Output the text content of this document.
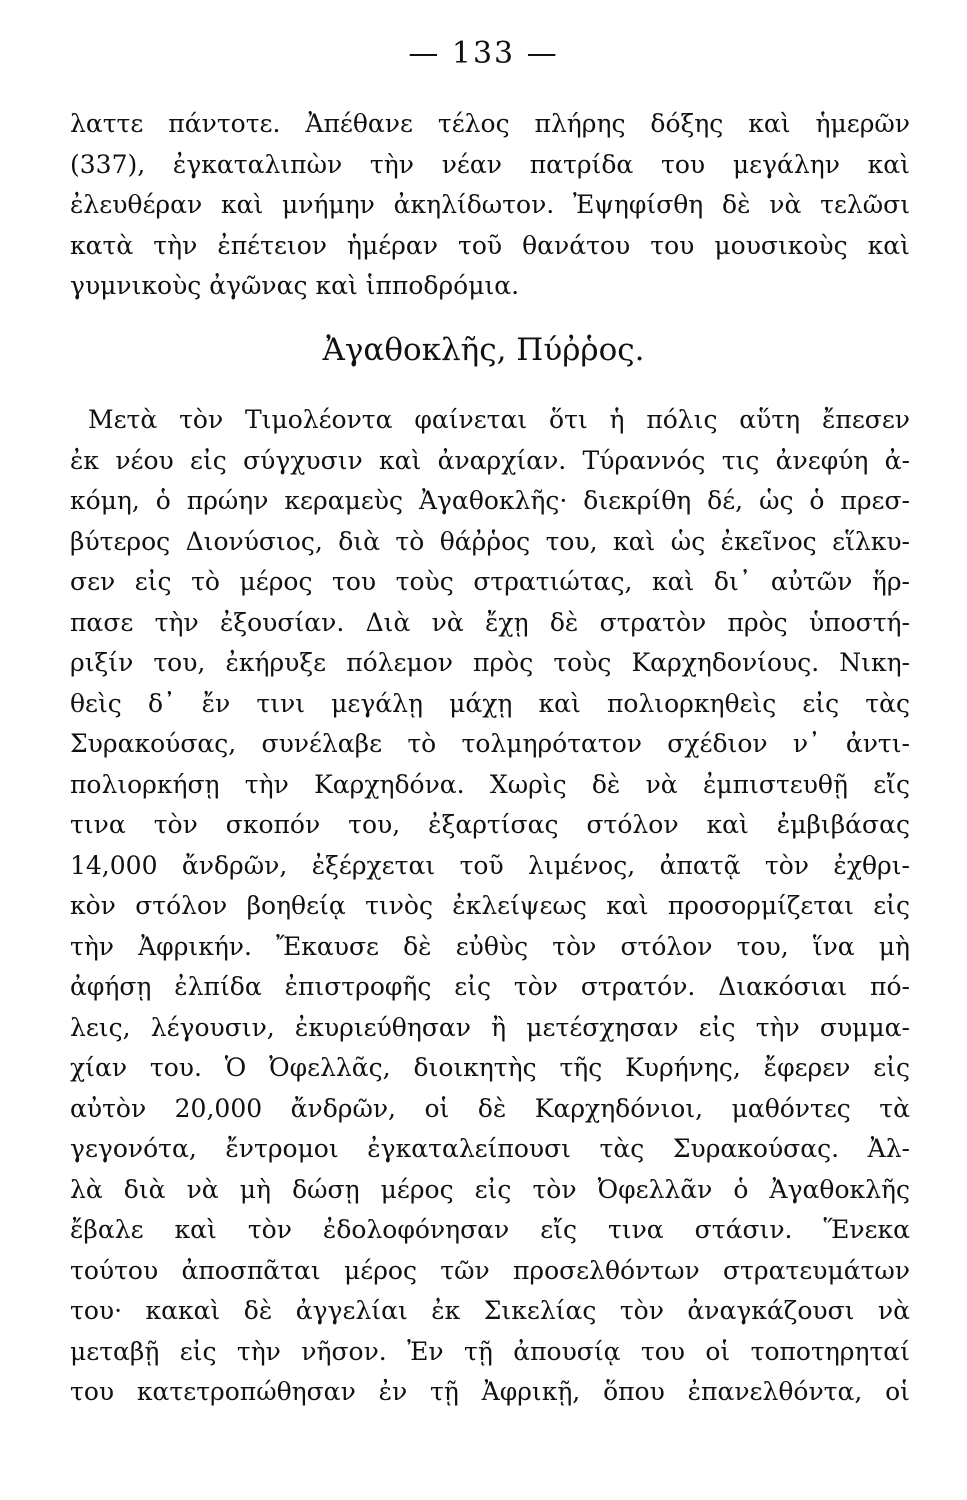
— 133 —
λαττε πάντοτε. Ἀπέθανε τέλος πλήρης δόξης καὶ ἡμερῶν
(337), ἐγκαταλιπὼν τὴν νέαν πατρίδα του μεγάλην καὶ
ἐλευθέραν καὶ μνήμην ἀκηλίδωτον. Ἐψηφίσθη δὲ νὰ τελῶσι
κατὰ τὴν ἐπέτειον ἡμέραν τοῦ θανάτου του μουσικοὺς καὶ
γυμνικοὺς ἀγῶνας καὶ ἱπποδρόμια.
Ἀγαθοκλῆς, Πύῤῥος.
Μετὰ τὸν Τιμολέοντα φαίνεται ὅτι ἡ πόλις αὕτη ἔπεσεν
ἐκ νέου εἰς σύγχυσιν καὶ ἀναρχίαν. Τύραννός τις ἀνεφύη ἀ-
κόμη, ὁ πρώην κεραμεὺς Ἀγαθοκλῆς· διεκρίθη δέ, ὡς ὁ πρεσ-
βύτερος Διονύσιος, διὰ τὸ θάῤῥος του, καὶ ὡς ἐκεῖνος εἵλκυ-
σεν εἰς τὸ μέρος του τοὺς στρατιώτας, καὶ δι᾽ αὐτῶν ἥρ-
πασε τὴν ἐξουσίαν. Διὰ νὰ ἔχῃ δὲ στρατὸν πρὸς ὑποστή-
ριξίν του, ἐκήρυξε πόλεμον πρὸς τοὺς Καρχηδονίους. Νικη-
θεὶς δ᾽ ἔν τινι μεγάλῃ μάχῃ καὶ πολιορκηθεὶς εἰς τὰς
Συρακούσας, συνέλαβε τὸ τολμηρότατον σχέδιον ν᾽ ἀντι-
πολιορκήσῃ τὴν Καρχηδόνα. Χωρὶς δὲ νὰ ἐμπιστευθῇ εἴς
τινα τὸν σκοπόν του, ἐξαρτίσας στόλον καὶ ἐμβιβάσας
14,000 ἄνδρῶν, ἐξέρχεται τοῦ λιμένος, ἀπατᾷ τὸν ἐχθρι-
κὸν στόλον βοηθείᾳ τινὸς ἐκλείψεως καὶ προσορμίζεται εἰς
τὴν Ἀφρικήν. Ἔκαυσε δὲ εὐθὺς τὸν στόλον του, ἵνα μὴ
ἀφήσῃ ἐλπίδα ἐπιστροφῆς εἰς τὸν στρατόν. Διακόσιαι πό-
λεις, λέγουσιν, ἐκυριεύθησαν ἢ μετέσχησαν εἰς τὴν συμμα-
χίαν του. Ὁ Ὀφελλᾶς, διοικητὴς τῆς Κυρήνης, ἔφερεν εἰς
αὐτὸν 20,000 ἄνδρῶν, οἱ δὲ Καρχηδόνιοι, μαθόντες τὰ
γεγονότα, ἔντρομοι ἐγκαταλείπουσι τὰς Συρακούσας. Ἀλ-
λὰ διὰ νὰ μὴ δώσῃ μέρος εἰς τὸν Ὀφελλᾶν ὁ Ἀγαθοκλῆς
ἔβαλε καὶ τὸν ἐδολοφόνησαν εἴς τινα στάσιν. Ἕνεκα
τούτου ἀποσπᾶται μέρος τῶν προσελθόντων στρατευμάτων
του· κακαὶ δὲ ἀγγελίαι ἐκ Σικελίας τὸν ἀναγκάζουσι νὰ
μεταβῇ εἰς τὴν νῆσον. Ἐν τῇ ἀπουσίᾳ του οἱ τοποτηρηταί
του κατετροπώθησαν ἐν τῇ Ἀφρικῇ, ὅπου ἐπανελθόντα, οἱ
